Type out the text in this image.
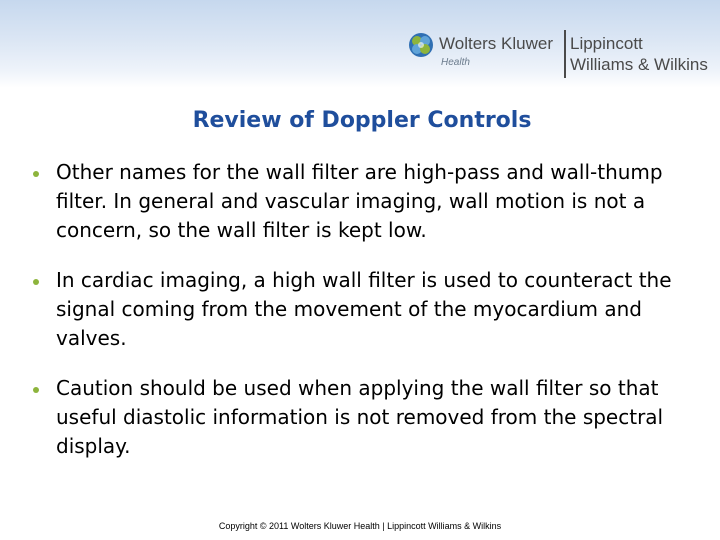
Wolters Kluwer
Health
Lippincott
Williams & Wilkins
Review of Doppler Controls
Other names for the wall filter are high-pass and wall-thump filter. In general and vascular imaging, wall motion is not a concern, so the wall filter is kept low.
In cardiac imaging, a high wall filter is used to counteract the signal coming from the movement of the myocardium and valves.
Caution should be used when applying the wall filter so that useful diastolic information is not removed from the spectral display.
Copyright © 2011 Wolters Kluwer Health | Lippincott Williams & Wilkins
